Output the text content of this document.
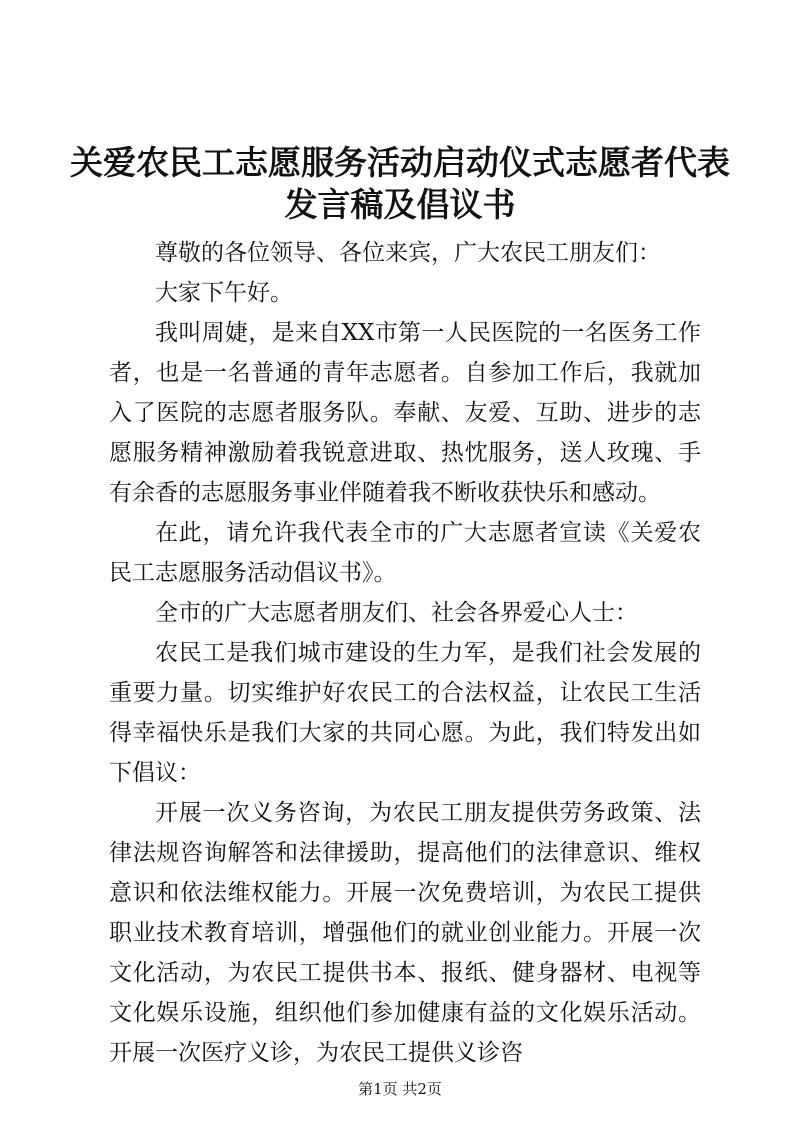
关爱农民工志愿服务活动启动仪式志愿者代表
发言稿及倡议书

尊敬的各位领导、各位来宾，广大农民工朋友们：

大家下午好。

我叫周婕，是来自XX市第一人民医院的一名医务工作者，也是一名普通的青年志愿者。自参加工作后，我就加入了医院的志愿者服务队。奉献、友爱、互助、进步的志愿服务精神激励着我锐意进取、热忱服务，送人玫瑰、手有余香的志愿服务事业伴随着我不断收获快乐和感动。

在此，请允许我代表全市的广大志愿者宣读《关爱农民工志愿服务活动倡议书》。

全市的广大志愿者朋友们、社会各界爱心人士：

农民工是我们城市建设的生力军，是我们社会发展的重要力量。切实维护好农民工的合法权益，让农民工生活得幸福快乐是我们大家的共同心愿。为此，我们特发出如下倡议：

开展一次义务咨询，为农民工朋友提供劳务政策、法律法规咨询解答和法律援助，提高他们的法律意识、维权意识和依法维权能力。开展一次免费培训，为农民工提供职业技术教育培训，增强他们的就业创业能力。开展一次文化活动，为农民工提供书本、报纸、健身器材、电视等文化娱乐设施，组织他们参加健康有益的文化娱乐活动。开展一次医疗义诊，为农民工提供义诊咨

第1页 共2页
